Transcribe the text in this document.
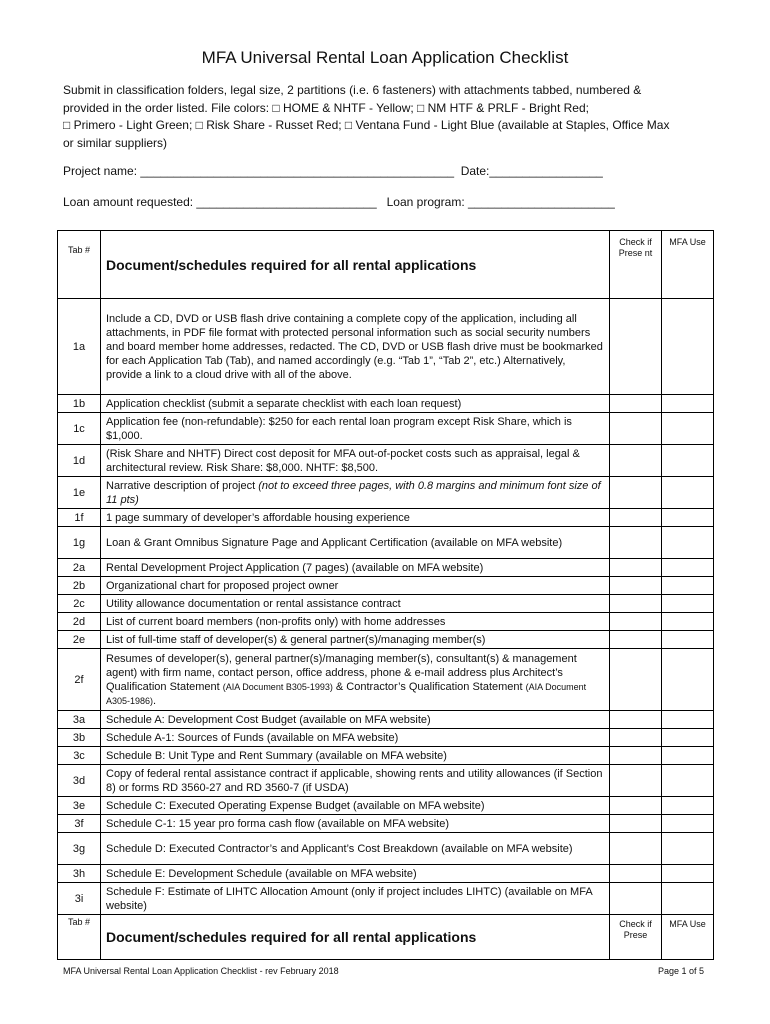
MFA Universal Rental Loan Application Checklist

Submit in classification folders, legal size, 2 partitions (i.e. 6 fasteners) with attachments tabbed, numbered &

provided in the order listed. File colors: □ HOME & NHTF - Yellow; □ NM HTF & PRLF - Bright Red;

□ Primero - Light Green; □ Risk Share - Russet Red; □ Ventana Fund - Light Blue (available at Staples, Office Max

or similar suppliers)

Project name: _______________________________________________  Date:_________________
Loan amount requested: ___________________________   Loan program: ______________________
Tab #	Document/schedules required for all rental applications	Check if Prese nt	MFA Use
1a	Include a CD, DVD or USB flash drive containing a complete copy of the application, including all attachments, in PDF file format with protected personal information such as social security numbers and board member home addresses, redacted. The CD, DVD or USB flash drive must be bookmarked for each Application Tab (Tab), and named accordingly (e.g. “Tab 1”, “Tab 2”, etc.) Alternatively, provide a link to a cloud drive with all of the above.		
1b	Application checklist (submit a separate checklist with each loan request)		
1c	Application fee (non-refundable): $250 for each rental loan program except Risk Share, which is $1,000.		
1d	(Risk Share and NHTF) Direct cost deposit for MFA out-of-pocket costs such as appraisal, legal & architectural review. Risk Share: $8,000. NHTF: $8,500.		
1e	Narrative description of project (not to exceed three pages, with 0.8 margins and minimum font size of 11 pts)		
1f	1 page summary of developer’s affordable housing experience		
1g	Loan & Grant Omnibus Signature Page and Applicant Certification (available on MFA website)		
2a	Rental Development Project Application (7 pages) (available on MFA website)		
2b	Organizational chart for proposed project owner		
2c	Utility allowance documentation or rental assistance contract		
2d	List of current board members (non-profits only) with home addresses		
2e	List of full-time staff of developer(s) & general partner(s)/managing member(s)		
2f	Resumes of developer(s), general partner(s)/managing member(s), consultant(s) & management agent) with firm name, contact person, office address, phone & e-mail address plus Architect’s Qualification Statement (AIA Document B305-1993) & Contractor’s Qualification Statement (AIA Document A305-1986).		
3a	Schedule A: Development Cost Budget (available on MFA website)		
3b	Schedule A-1: Sources of Funds (available on MFA website)		
3c	Schedule B: Unit Type and Rent Summary (available on MFA website)		
3d	Copy of federal rental assistance contract if applicable, showing rents and utility allowances (if Section 8) or forms RD 3560-27 and RD 3560-7 (if USDA)		
3e	Schedule C: Executed Operating Expense Budget (available on MFA website)		
3f	Schedule C-1: 15 year pro forma cash flow (available on MFA website)		
3g	Schedule D: Executed Contractor’s and Applicant’s Cost Breakdown (available on MFA website)		
3h	Schedule E: Development Schedule (available on MFA website)		
3i	Schedule F: Estimate of LIHTC Allocation Amount (only if project includes LIHTC) (available on MFA website)		
Tab #	Document/schedules required for all rental applications	Check if Prese	MFA Use
MFA Universal Rental Loan Application Checklist - rev February 2018	Page 1 of 5
